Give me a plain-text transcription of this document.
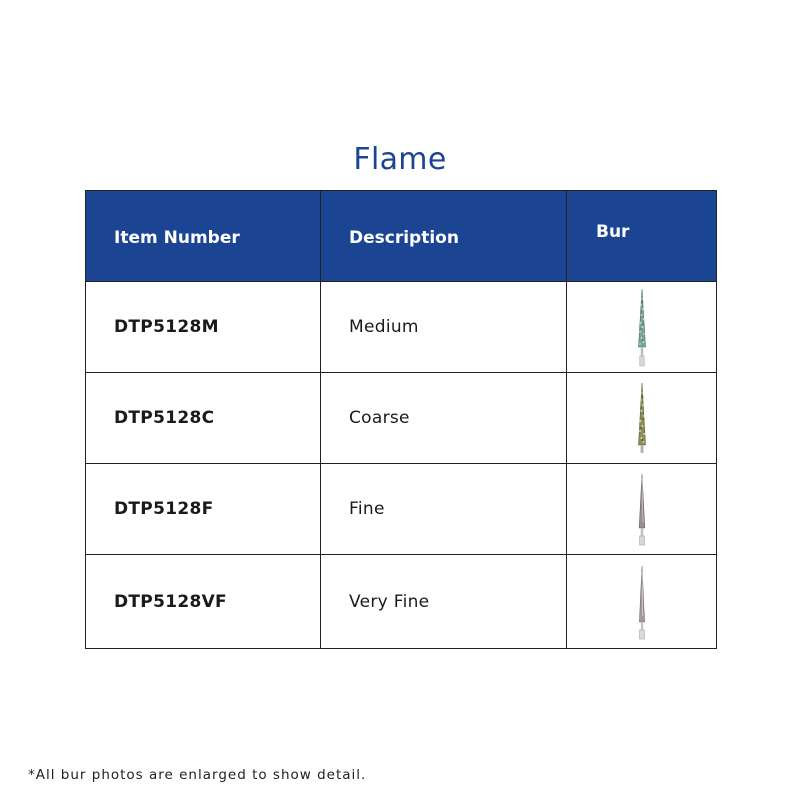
Flame
Item Number	Description	Bur

DTP5128M	Medium	

DTP5128C	Coarse	

DTP5128F	Fine	

DTP5128VF	Very Fine	
*All bur photos are enlarged to show detail.
